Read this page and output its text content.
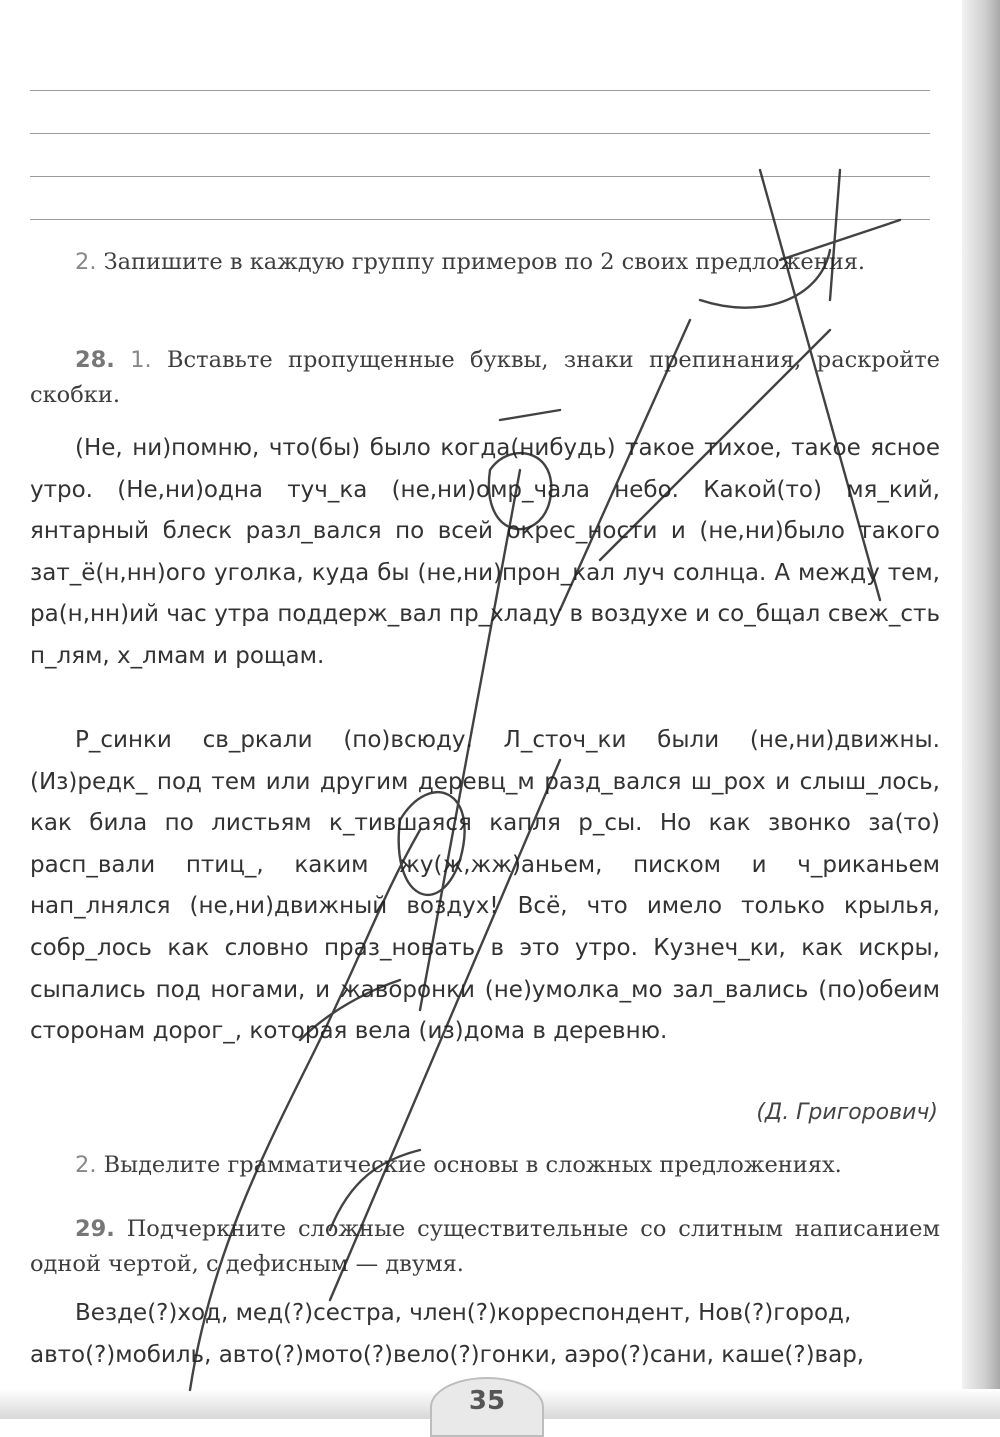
35
2. Запишите в каждую группу примеров по 2 своих предложения.
28. 1. Вставьте пропущенные буквы, знаки препинания, раскройте скобки.
(Не, ни)помню, что(бы) было когда(нибудь) такое тихое, такое ясное утро. (Не,ни)одна туч_ка (не,ни)омр_чала небо. Какой(то) мя_кий, янтарный блеск разл_вался по всей окрес_ности и (не,ни)было такого зат_ё(н,нн)ого уголка, куда бы (не,ни)прон_кал луч солнца. А между тем, ра(н,нн)ий час утра поддерж_вал пр_хладу в воздухе и со_бщал свеж_сть п_лям, х_лмам и рощам.
Р_синки св_ркали (по)всюду. Л_сточ_ки были (не,ни)движны. (Из)редк_ под тем или другим деревц_м разд_вался ш_рох и слыш_лось, как била по листьям к_тившаяся капля р_сы. Но как звонко за(то) расп_вали птиц_, каким жу(ж,жж)аньем, писком и ч_риканьем нап_лнялся (не,ни)движный воздух! Всё, что имело только крылья, собр_лось как словно праз_новать в это утро. Кузнеч_ки, как искры, сыпались под ногами, и жаворонки (не)умолка_мо зал_вались (по)обеим сторонам дорог_, которая вела (из)дома в деревню.
(Д. Григорович)
2. Выделите грамматические основы в сложных предложениях.
29. Подчеркните сложные существительные со слитным написанием одной чертой, с дефисным — двумя.
Везде(?)ход, мед(?)сестра, член(?)корреспондент, Нов(?)город, авто(?)мобиль, авто(?)мото(?)вело(?)гонки, аэро(?)сани, каше(?)вар,
